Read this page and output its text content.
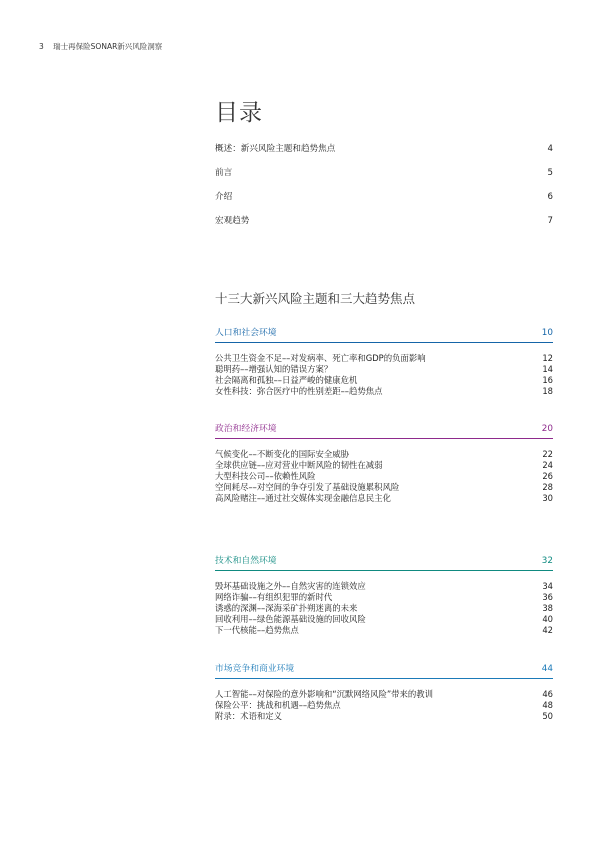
3 瑞士再保险SONAR新兴风险洞察
目录
概述：新兴风险主题和趋势焦点	4
前言	5
介绍	6
宏观趋势	7
十三大新兴风险主题和三大趋势焦点
人口和社会环境	10
公共卫生资金不足––对发病率、死亡率和GDP的负面影响	12
聪明药––增强认知的错误方案？	14
社会隔离和孤独––日益严峻的健康危机	16
女性科技：弥合医疗中的性别差距––趋势焦点	18
政治和经济环境	20
气候变化––不断变化的国际安全威胁	22
全球供应链––应对营业中断风险的韧性在减弱	24
大型科技公司––依赖性风险	26
空间耗尽––对空间的争夺引发了基础设施累积风险	28
高风险赌注––通过社交媒体实现金融信息民主化	30
技术和自然环境	32
毁坏基础设施之外––自然灾害的连锁效应	34
网络诈骗––有组织犯罪的新时代	36
诱惑的深渊––深海采矿扑朔迷离的未来	38
回收利用––绿色能源基础设施的回收风险	40
下一代核能––趋势焦点	42
市场竞争和商业环境	44
人工智能––对保险的意外影响和“沉默网络风险”带来的教训	46
保险公平：挑战和机遇––趋势焦点	48
附录：术语和定义	50
